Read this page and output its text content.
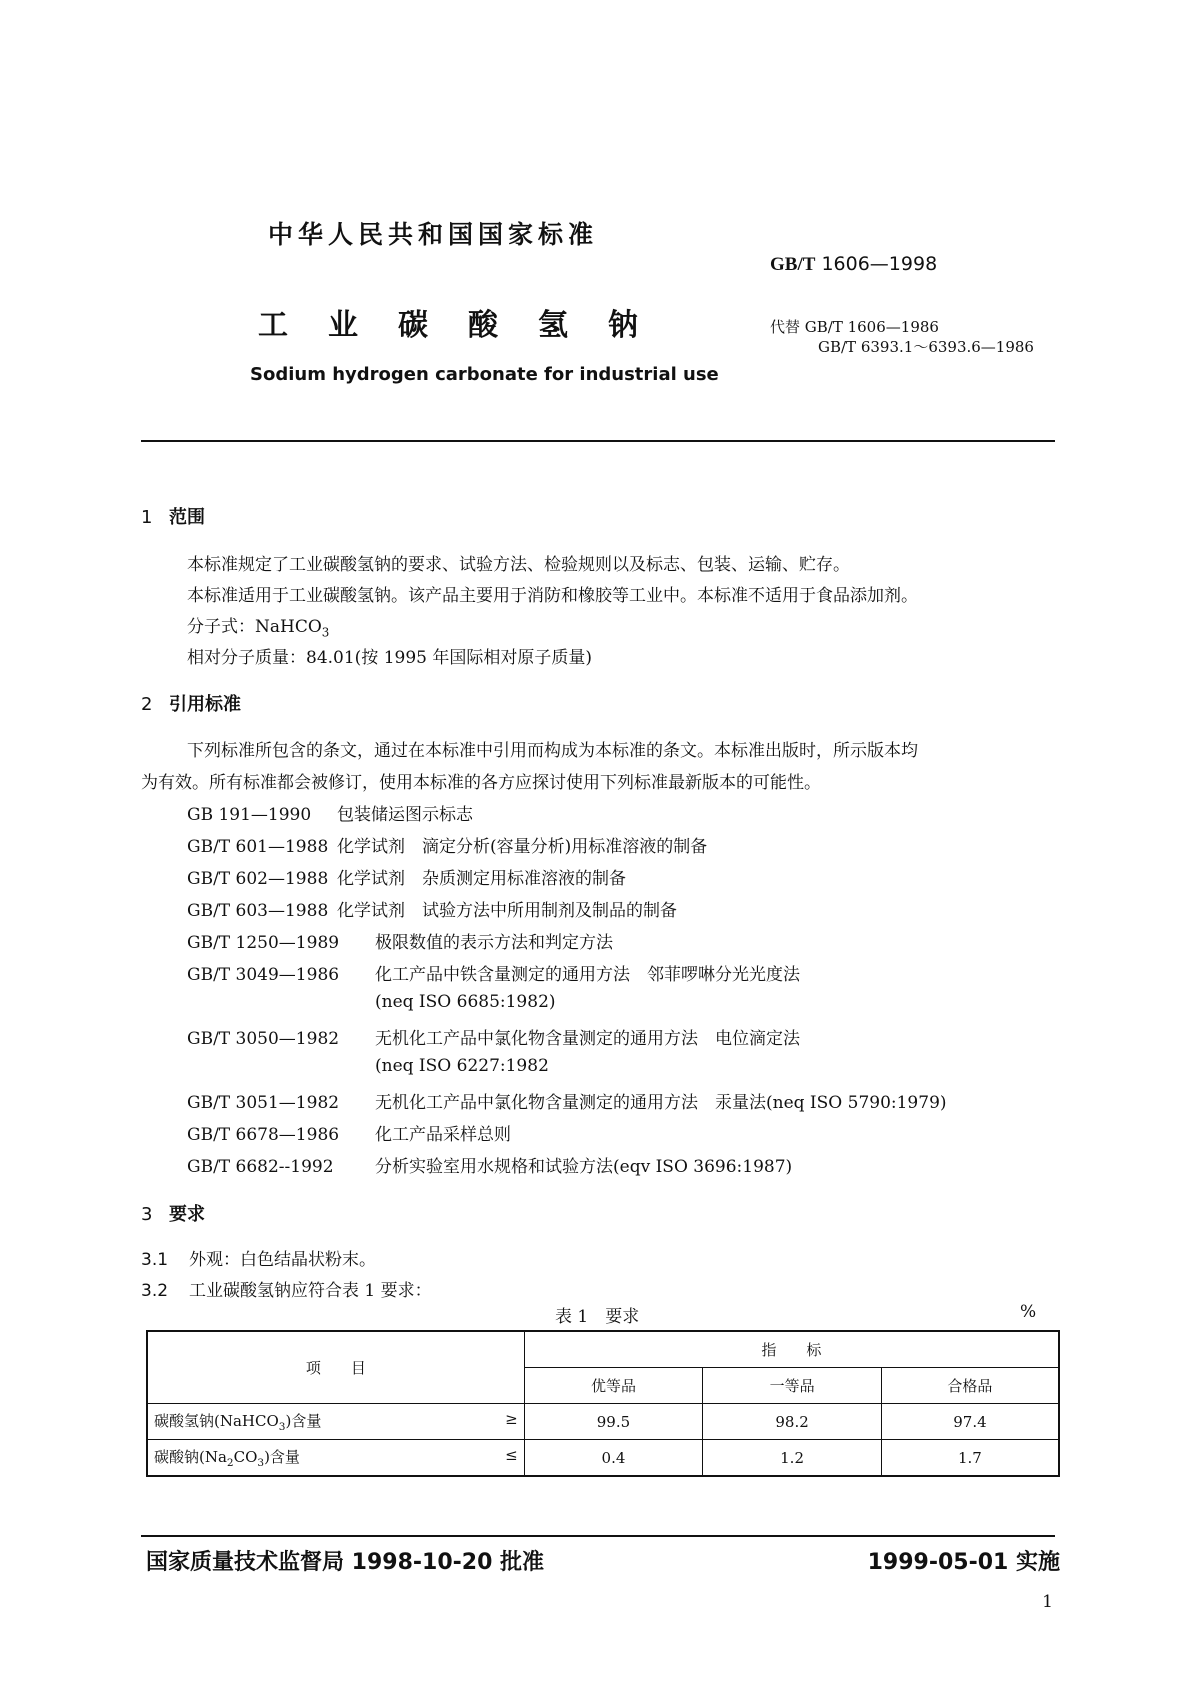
中华人民共和国国家标准
GB/T 1606—1998
工业碳酸氢钠	代替 GB/T 1606—1986
GB/T 6393.1～6393.6—1986
Sodium hydrogen carbonate for industrial use
1 范围
本标准规定了工业碳酸氢钠的要求、试验方法、检验规则以及标志、包装、运输、贮存。
本标准适用于工业碳酸氢钠。该产品主要用于消防和橡胶等工业中。本标准不适用于食品添加剂。
分子式：NaHCO$_3$
相对分子质量：84.01(按 1995 年国际相对原子质量)
2 引用标准
下列标准所包含的条文，通过在本标准中引用而构成为本标准的条文。本标准出版时，所示版本均
为有效。所有标准都会被修订，使用本标准的各方应探讨使用下列标准最新版本的可能性。
GB 191—1990 包装储运图示标志
GB/T 601—1988 化学试剂　滴定分析(容量分析)用标准溶液的制备
GB/T 602—1988 化学试剂　杂质测定用标准溶液的制备
GB/T 603—1988 化学试剂　试验方法中所用制剂及制品的制备
GB/T 1250—1989 极限数值的表示方法和判定方法
GB/T 3049—1986 化工产品中铁含量测定的通用方法　邻菲啰啉分光光度法
(neq ISO 6685:1982)
GB/T 3050—1982 无机化工产品中氯化物含量测定的通用方法　电位滴定法
(neq ISO 6227:1982
GB/T 3051—1982 无机化工产品中氯化物含量测定的通用方法　汞量法(neq ISO 5790:1979)
GB/T 6678—1986 化工产品采样总则
GB/T 6682--1992 分析实验室用水规格和试验方法(eqv ISO 3696:1987)
3 要求
3.1 外观：白色结晶状粉末。
3.2 工业碳酸氢钠应符合表 1 要求：
表 1　要求	%
项　　目	指　　标		
	优等品	一等品	合格品
碳酸氢钠(NaHCO$_3$)含量 ≥	99.5	98.2	97.4
碳酸钠$(Na_2CO_3)$含量 ≤	0.4	1.2	1.7
国家质量技术监督局 1998-10-20 批准	1999-05-01 实施
1
